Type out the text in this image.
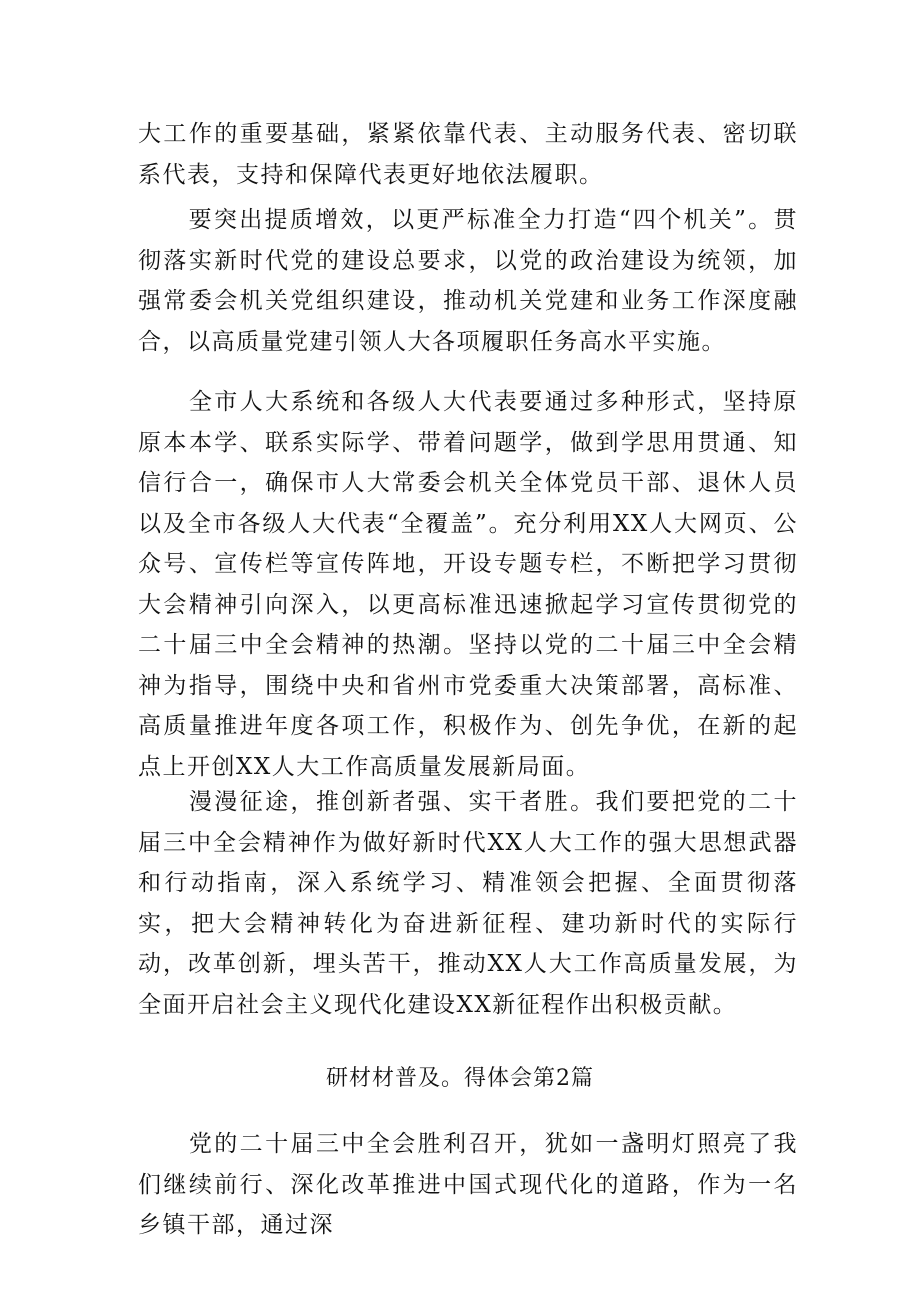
大工作的重要基础，紧紧依靠代表、主动服务代表、密切联系代表，支持和保障代表更好地依法履职。

　　要突出提质增效，以更严标准全力打造“四个机关”。贯彻落实新时代党的建设总要求，以党的政治建设为统领，加强常委会机关党组织建设，推动机关党建和业务工作深度融合，以高质量党建引领人大各项履职任务高水平实施。

　　全市人大系统和各级人大代表要通过多种形式，坚持原原本本学、联系实际学、带着问题学，做到学思用贯通、知信行合一，确保市人大常委会机关全体党员干部、退休人员以及全市各级人大代表“全覆盖”。充分利用XX人大网页、公众号、宣传栏等宣传阵地，开设专题专栏，不断把学习贯彻大会精神引向深入，以更高标准迅速掀起学习宣传贯彻党的二十届三中全会精神的热潮。坚持以党的二十届三中全会精神为指导，围绕中央和省州市党委重大决策部署，高标准、高质量推进年度各项工作，积极作为、创先争优，在新的起点上开创XX人大工作高质量发展新局面。

　　漫漫征途，推创新者强、实干者胜。我们要把党的二十届三中全会精神作为做好新时代XX人大工作的强大思想武器和行动指南，深入系统学习、精准领会把握、全面贯彻落实，把大会精神转化为奋进新征程、建功新时代的实际行动，改革创新，埋头苦干，推动XX人大工作高质量发展，为全面开启社会主义现代化建设XX新征程作出积极贡献。

研材材普及。得体会第2篇

　　党的二十届三中全会胜利召开，犹如一盏明灯照亮了我们继续前行、深化改革推进中国式现代化的道路，作为一名乡镇干部，通过深
